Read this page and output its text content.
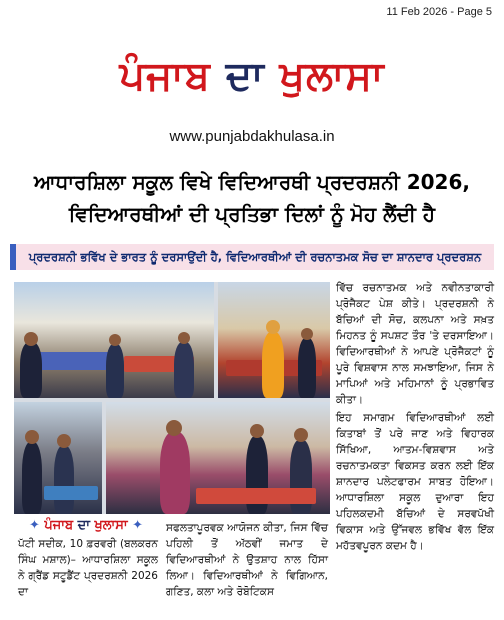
11 Feb 2026 - Page 5
ਪੰਜਾਬ ਦਾ ਖੁਲਾਸਾ
www.punjabdakhulasa.in
ਆਧਾਰਸ਼ਿਲਾ ਸਕੂਲ ਵਿਖੇ ਵਿਦਿਆਰਥੀ ਪ੍ਰਦਰਸ਼ਨੀ 2026,
ਵਿਦਿਆਰਥੀਆਂ ਦੀ ਪ੍ਰਤਿਭਾ ਦਿਲਾਂ ਨੂੰ ਮੋਹ ਲੈਂਦੀ ਹੈ
ਪ੍ਰਦਰਸ਼ਨੀ ਭਵਿੱਖ ਦੇ ਭਾਰਤ ਨੂੰ ਦਰਸਾਉਂਦੀ ਹੈ, ਵਿਦਿਆਰਥੀਆਂ ਦੀ ਰਚਨਾਤਮਕ ਸੋਚ ਦਾ ਸ਼ਾਨਦਾਰ ਪ੍ਰਦਰਸ਼ਨ
✦ ਪੰਜਾਬ ਦਾ ਖੁਲਾਸਾ ✦
ਪੱਟੀ ਸਦੀਕ, 10 ਫ਼ਰਵਰੀ (ਬਲਕਰਨ ਸਿੰਘ ਮਸ਼ਾਲ)– ਆਧਾਰਸ਼ਿਲਾ ਸਕੂਲ ਨੇ ਗ੍ਰੈਂਡ ਸਟੂਡੈਂਟ ਪ੍ਰਦਰਸ਼ਨੀ 2026 ਦਾ
ਸਫਲਤਾਪੂਰਵਕ ਆਯੋਜਨ ਕੀਤਾ, ਜਿਸ ਵਿੱਚ ਪਹਿਲੀ ਤੋਂ ਅੱਠਵੀਂ ਜਮਾਤ ਦੇ ਵਿਦਿਆਰਥੀਆਂ ਨੇ ਉਤਸ਼ਾਹ ਨਾਲ ਹਿੱਸਾ ਲਿਆ। ਵਿਦਿਆਰਥੀਆਂ ਨੇ ਵਿਗਿਆਨ, ਗਣਿਤ, ਕਲਾ ਅਤੇ ਰੋਬੋਟਿਕਸ

ਵਿੱਚ ਰਚਨਾਤਮਕ ਅਤੇ ਨਵੀਨਤਾਕਾਰੀ ਪ੍ਰੋਜੈਕਟ ਪੇਸ਼ ਕੀਤੇ। ਪ੍ਰਦਰਸ਼ਨੀ ਨੇ ਬੱਚਿਆਂ ਦੀ ਸੋਚ, ਕਲਪਨਾ ਅਤੇ ਸਖ਼ਤ ਮਿਹਨਤ ਨੂੰ ਸਪਸ਼ਟ ਤੌਰ 'ਤੇ ਦਰਸਾਇਆ। ਵਿਦਿਆਰਥੀਆਂ ਨੇ ਆਪਣੇ ਪ੍ਰੋਜੈਕਟਾਂ ਨੂੰ ਪੂਰੇ ਵਿਸ਼ਵਾਸ ਨਾਲ ਸਮਝਾਇਆ, ਜਿਸ ਨੇ ਮਾਪਿਆਂ ਅਤੇ ਮਹਿਮਾਨਾਂ ਨੂੰ ਪ੍ਰਭਾਵਿਤ ਕੀਤਾ।

ਇਹ ਸਮਾਗਮ ਵਿਦਿਆਰਥੀਆਂ ਲਈ ਕਿਤਾਬਾਂ ਤੋਂ ਪਰੇ ਜਾਣ ਅਤੇ ਵਿਹਾਰਕ ਸਿੱਖਿਆ, ਆਤਮ-ਵਿਸ਼ਵਾਸ ਅਤੇ ਰਚਨਾਤਮਕਤਾ ਵਿਕਸਤ ਕਰਨ ਲਈ ਇੱਕ ਸ਼ਾਨਦਾਰ ਪਲੇਟਫਾਰਮ ਸਾਬਤ ਹੋਇਆ।ਆਧਾਰਸ਼ਿਲਾ ਸਕੂਲ ਦੁਆਰਾ ਇਹ ਪਹਿਲਕਦਮੀ ਬੱਚਿਆਂ ਦੇ ਸਰਵਪੱਖੀ ਵਿਕਾਸ ਅਤੇ ਉੱਜਵਲ ਭਵਿੱਖ ਵੱਲ ਇੱਕ ਮਹੱਤਵਪੂਰਨ ਕਦਮ ਹੈ।
